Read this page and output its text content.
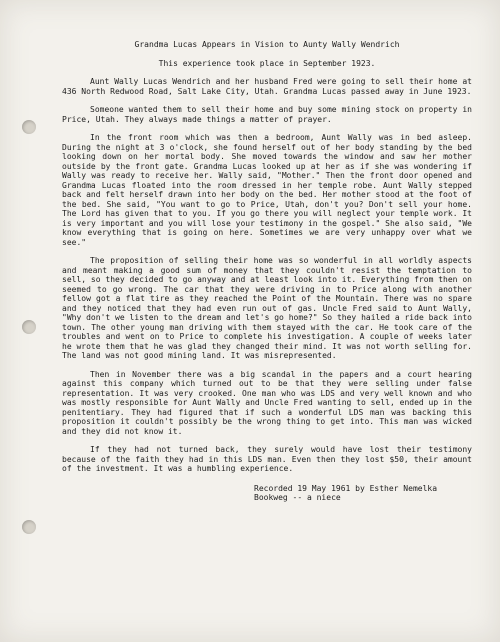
Grandma Lucas Appears in Vision to Aunty Wally Wendrich

This experience took place in September 1923.

Aunt Wally Lucas Wendrich and her husband Fred were going to sell their home at 436 North Redwood Road, Salt Lake City, Utah. Grandma Lucas passed away in June 1923.

Someone wanted them to sell their home and buy some mining stock on property in Price, Utah. They always made things a matter of prayer.

In the front room which was then a bedroom, Aunt Wally was in bed asleep. During the night at 3 o'clock, she found herself out of her body standing by the bed looking down on her mortal body. She moved towards the window and saw her mother outside by the front gate. Grandma Lucas looked up at her as if she was wondering if Wally was ready to receive her. Wally said, "Mother." Then the front door opened and Grandma Lucas floated into the room dressed in her temple robe. Aunt Wally stepped back and felt herself drawn into her body on the bed. Her mother stood at the foot of the bed. She said, "You want to go to Price, Utah, don't you? Don't sell your home. The Lord has given that to you. If you go there you will neglect your temple work. It is very important and you will lose your testimony in the gospel." She also said, "We know everything that is going on here. Sometimes we are very unhappy over what we see."

The proposition of selling their home was so wonderful in all worldly aspects and meant making a good sum of money that they couldn't resist the temptation to sell, so they decided to go anyway and at least look into it. Everything from then on seemed to go wrong. The car that they were driving in to Price along with another fellow got a flat tire as they reached the Point of the Mountain. There was no spare and they noticed that they had even run out of gas. Uncle Fred said to Aunt Wally, "Why don't we listen to the dream and let's go home?" So they hailed a ride back into town. The other young man driving with them stayed with the car. He took care of the troubles and went on to Price to complete his investigation. A couple of weeks later he wrote them that he was glad they changed their mind. It was not worth selling for. The land was not good mining land. It was misrepresented.

Then in November there was a big scandal in the papers and a court hearing against this company which turned out to be that they were selling under false representation. It was very crooked. One man who was LDS and very well known and who was mostly responsible for Aunt Wally and Uncle Fred wanting to sell, ended up in the penitentiary. They had figured that if such a wonderful LDS man was backing this proposition it couldn't possibly be the wrong thing to get into. This man was wicked and they did not know it.

If they had not turned back, they surely would have lost their testimony because of the faith they had in this LDS man. Even then they lost $50, their amount of the investment. It was a humbling experience.

Recorded 19 May 1961 by Esther Nemelka
Bookweg -- a niece
